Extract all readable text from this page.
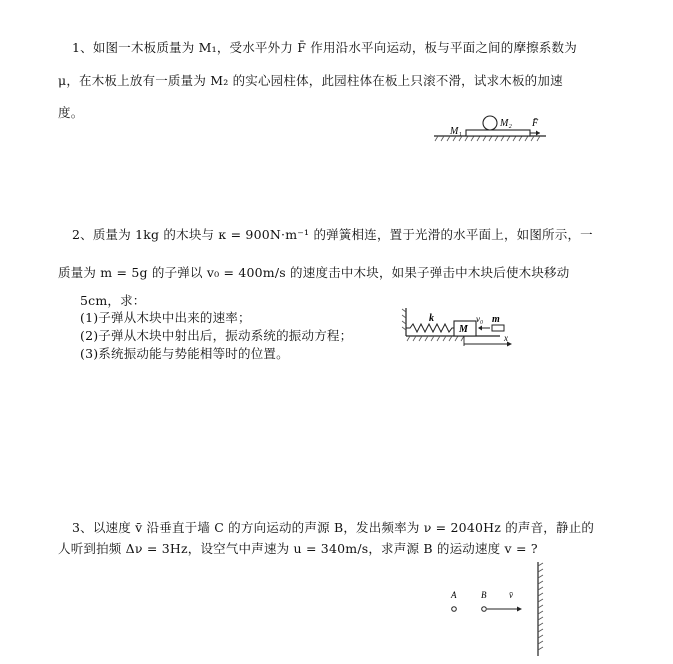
1、如图一木板质量为 M₁，受水平外力 F̄ 作用沿水平向运动，板与平面之间的摩擦系数为
μ，在木板上放有一质量为 M₂ 的实心园柱体，此园柱体在板上只滚不滑，试求木板的加速
度。
M₁
M₂ F̄
2、质量为 1kg 的木块与 κ = 900N·m⁻¹ 的弹簧相连，置于光滑的水平面上，如图所示，一
质量为 m = 5g 的子弹以 v₀ = 400m/s 的速度击中木块，如果子弹击中木块后使木块移动
5cm，求：
(1)子弹从木块中出来的速率；
(2)子弹从木块中射出后，振动系统的振动方程；
(3)系统振动能与势能相等时的位置。
k
M
v₀ m
x
3、以速度 v̄ 沿垂直于墙 C 的方向运动的声源 B，发出频率为 ν = 2040Hz 的声音，静止的
人听到拍频 Δν = 3Hz，设空气中声速为 u = 340m/s，求声源 B 的运动速度 v = ?
A	B	v̄
